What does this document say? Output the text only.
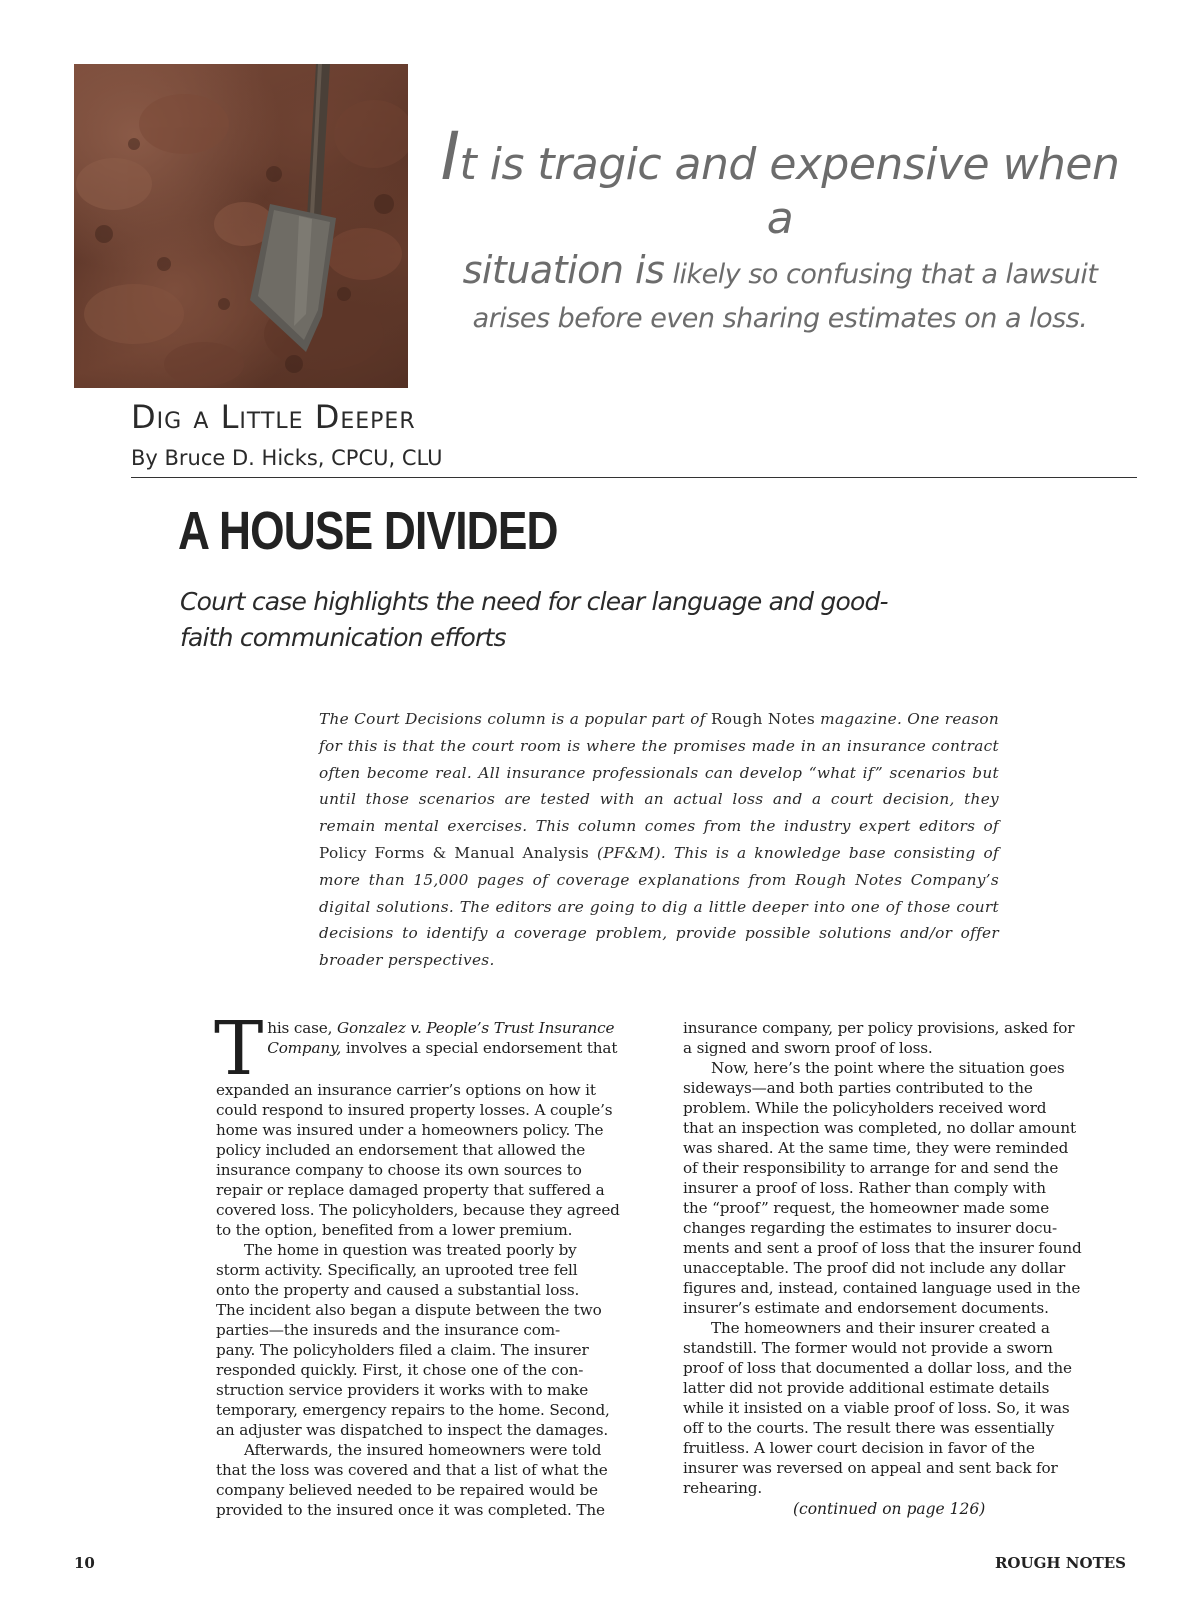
It is tragic and expensive when a
situation is likely so confusing that a lawsuit
arises before even sharing estimates on a loss.
Dig a Little Deeper
By Bruce D. Hicks, CPCU, CLU
A HOUSE DIVIDED
Court case highlights the need for clear language and good-faith communication efforts
The Court Decisions column is a popular part of Rough Notes magazine. One reason for this is that the court room is where the promises made in an insurance contract often become real. All insurance professionals can develop “what if” scenarios but until those scenarios are tested with an actual loss and a court decision, they remain mental exercises. This column comes from the industry expert editors of Policy Forms & Manual Analysis (PF&M). This is a knowledge base consisting of more than 15,000 pages of coverage explanations from Rough Notes Company’s digital solutions. The editors are going to dig a little deeper into one of those court decisions to identify a coverage problem, provide possible solutions and/or offer broader perspectives.
T his case, Gonzalez v. People’s Trust Insurance
Company, involves a special endorsement that
expanded an insurance carrier’s options on how it
could respond to insured property losses. A couple’s
home was insured under a homeowners policy. The
policy included an endorsement that allowed the
insurance company to choose its own sources to
repair or replace damaged property that suffered a
covered loss. The policyholders, because they agreed
to the option, benefited from a lower premium.
The home in question was treated poorly by
storm activity. Specifically, an uprooted tree fell
onto the property and caused a substantial loss.
The incident also began a dispute between the two
parties—the insureds and the insurance com-
pany. The policyholders filed a claim. The insurer
responded quickly. First, it chose one of the con-
struction service providers it works with to make
temporary, emergency repairs to the home. Second,
an adjuster was dispatched to inspect the damages.
Afterwards, the insured homeowners were told
that the loss was covered and that a list of what the
company believed needed to be repaired would be
provided to the insured once it was completed. The
insurance company, per policy provisions, asked for
a signed and sworn proof of loss.
Now, here’s the point where the situation goes
sideways—and both parties contributed to the
problem. While the policyholders received word
that an inspection was completed, no dollar amount
was shared. At the same time, they were reminded
of their responsibility to arrange for and send the
insurer a proof of loss. Rather than comply with
the “proof” request, the homeowner made some
changes regarding the estimates to insurer docu-
ments and sent a proof of loss that the insurer found
unacceptable. The proof did not include any dollar
figures and, instead, contained language used in the
insurer’s estimate and endorsement documents.
The homeowners and their insurer created a
standstill. The former would not provide a sworn
proof of loss that documented a dollar loss, and the
latter did not provide additional estimate details
while it insisted on a viable proof of loss. So, it was
off to the courts. The result there was essentially
fruitless. A lower court decision in favor of the
insurer was reversed on appeal and sent back for
rehearing.
(continued on page 126)
10	ROUGH NOTES
